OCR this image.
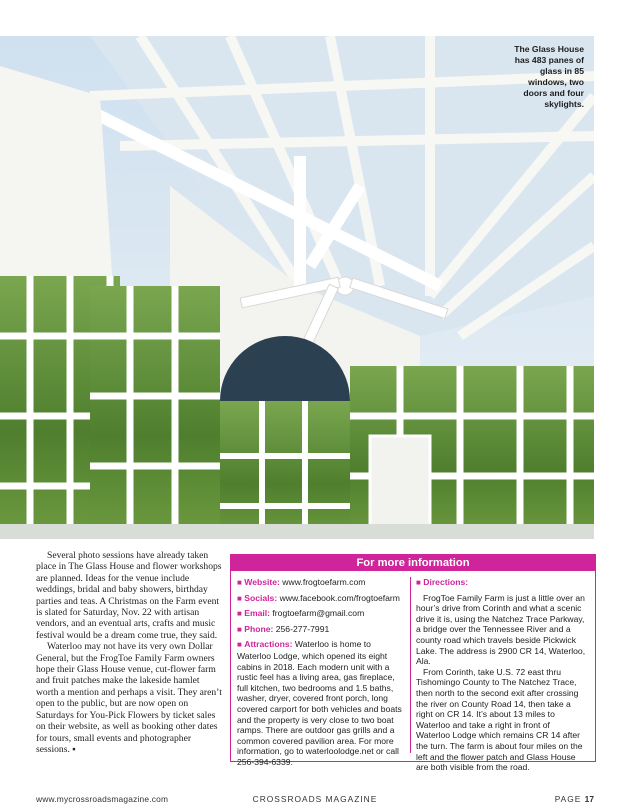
The Glass House has 483 panes of glass in 85 windows, two doors and four skylights.

Several photo sessions have already taken place in The Glass House and flower workshops are planned. Ideas for the venue include weddings, bridal and baby showers, birthday parties and teas. A Christmas on the Farm event is slated for Saturday, Nov. 22 with artisan vendors, and an eventual arts, crafts and music festival would be a dream come true, they said.

Waterloo may not have its very own Dollar General, but the FrogToe Family Farm owners hope their Glass House venue, cut-flower farm and fruit patches make the lakeside hamlet worth a mention and perhaps a visit. They aren’t open to the public, but are now open on Saturdays for You-Pick Flowers by ticket sales on their website, as well as booking other dates for tours, small events and photographer sessions. ▪

For more information
■ Website: www.frogtoefarm.com
■ Socials: www.facebook.com/frogtoefarm
■ Email: frogtoefarm@gmail.com
■ Phone: 256-277-7991
■ Attractions: Waterloo is home to Waterloo Lodge, which opened its eight cabins in 2018. Each modern unit with a rustic feel has a living area, gas fireplace, full kitchen, two bedrooms and 1.5 baths, washer, dryer, covered front porch, long covered carport for both vehicles and boats and the property is very close to two boat ramps. There are outdoor gas grills and a common covered pavilion area. For more information, go to waterloolodge.net or call 256-394-6339.
■ Directions:

FrogToe Family Farm is just a little over an hour’s drive from Corinth and what a scenic drive it is, using the Natchez Trace Parkway, a bridge over the Tennessee River and a county road which travels beside Pickwick Lake. The address is 2900 CR 14, Waterloo, Ala.

From Corinth, take U.S. 72 east thru Tishomingo County to The Natchez Trace, then north to the second exit after crossing the river on County Road 14, then take a right on CR 14. It’s about 13 miles to Waterloo and take a right in front of Waterloo Lodge which remains CR 14 after the turn. The farm is about four miles on the left and the flower patch and Glass House are both visible from the road.

www.mycrossroadsmagazine.com	CROSSROADS MAGAZINE	PAGE 17
